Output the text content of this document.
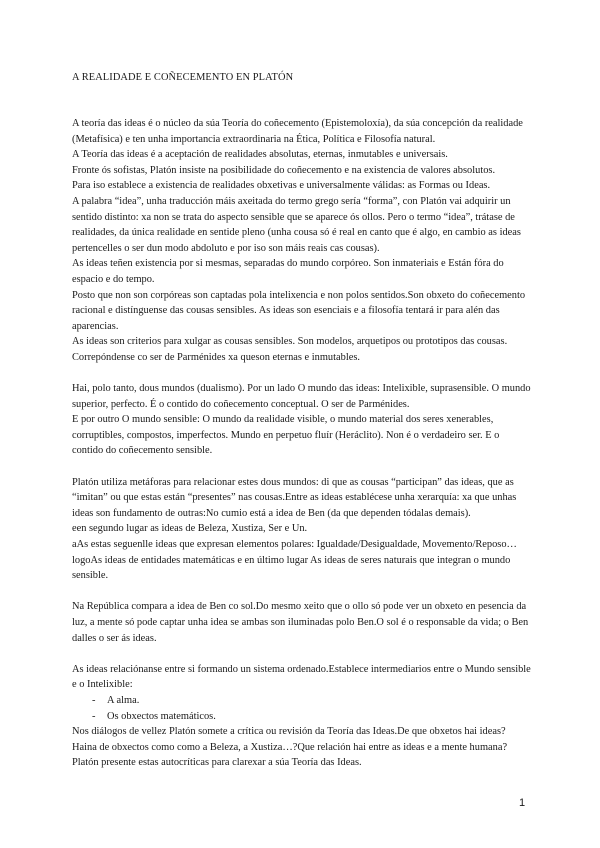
A REALIDADE E COÑECEMENTO EN PLATÓN

A teoría das ideas é o núcleo da súa Teoría do coñecemento (Epistemoloxía), da súa concepción da realidade (Metafísica) e ten unha importancia extraordinaria na Ética, Política e Filosofía natural.

A Teoría das ideas é a aceptación de realidades absolutas, eternas, inmutables e universais.

Fronte ós sofistas, Platón insiste na posibilidade do coñecemento e na existencia de valores absolutos.

Para iso establece a existencia de realidades obxetivas e universalmente válidas: as Formas ou Ideas.

A palabra “idea”, unha traducción máis axeitada do termo grego sería “forma”, con Platón vai adquirir un sentido distinto: xa non se trata do aspecto sensible que se aparece ós ollos. Pero o termo “idea”, trátase de realidades, da única realidade en sentide pleno (unha cousa só é real en canto que é algo, en cambio as ideas pertencelles o ser dun modo abdoluto e por iso son máis reais cas cousas).

As ideas teñen existencia por si mesmas, separadas do mundo corpóreo. Son inmateriais e Están fóra do espacio e do tempo.

Posto que non son corpóreas son captadas pola intelixencia e non polos sentidos.Son obxeto do coñecemento racional e distínguense das cousas sensibles. As ideas son esenciais e a filosofía tentará ir para alén das aparencias.

As ideas son criterios para xulgar as cousas sensibles. Son modelos, arquetipos ou prototipos das cousas. Correpóndense co ser de Parménides xa queson eternas e inmutables.

Hai, polo tanto, dous mundos (dualismo). Por un lado O mundo das ideas: Intelixible, suprasensible. O mundo superior, perfecto. É o contido do coñecemento conceptual. O ser de Parménides.

E por outro O mundo sensible: O mundo da realidade visible, o mundo material dos seres xenerables, corruptibles, compostos, imperfectos. Mundo en perpetuo fluír (Heráclito). Non é o verdadeiro ser. E o contido do coñecemento sensible.

Platón utiliza metáforas para relacionar estes dous mundos: di que as cousas “participan” das ideas, que as “imitan” ou que estas están “presentes” nas cousas.Entre as ideas establécese unha xerarquía: xa que unhas ideas son fundamento de outras:No cumio está a idea de Ben (da que dependen tódalas demais).

een segundo lugar as ideas de Beleza, Xustiza, Ser e Un.

aAs estas seguenlle ideas que expresan elementos polares: Igualdade/Desigualdade, Movemento/Reposo…logoAs ideas de entidades matemáticas e en último lugar As ideas de seres naturais que integran o mundo sensible.

Na República compara a idea de Ben co sol.Do mesmo xeito que o ollo só pode ver un obxeto en pesencia da luz, a mente só pode captar unha idea se ambas son iluminadas polo Ben.O sol é o responsable da vida; o Ben dalles o ser ás ideas.

As ideas relaciónanse entre si formando un sistema ordenado.Establece intermediarios entre o Mundo sensible e o Intelixible:

- A alma.
- Os obxectos matemáticos.

Nos diálogos de vellez Platón somete a crítica ou revisión da Teoría das Ideas.De que obxetos hai ideas? Haina de obxectos como como a Beleza, a Xustiza…?Que relación hai entre as ideas e a mente humana?Platón presente estas autocríticas para clarexar a súa Teoría das Ideas.

1
